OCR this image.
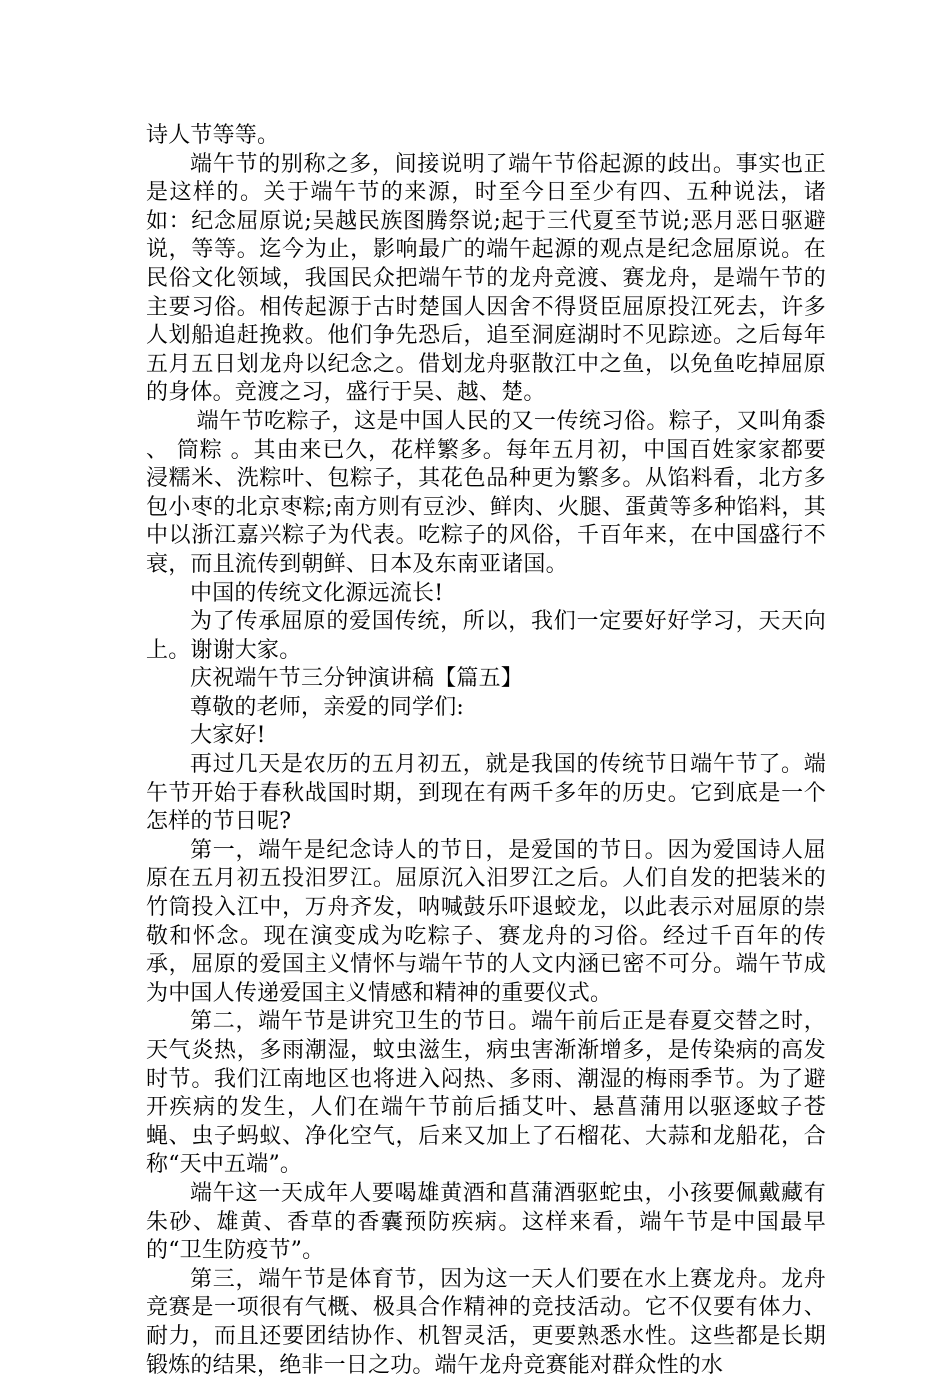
诗人节等等。

端午节的别称之多，间接说明了端午节俗起源的歧出。事实也正是这样的。关于端午节的来源，时至今日至少有四、五种说法，诸如：纪念屈原说;吴越民族图腾祭说;起于三代夏至节说;恶月恶日驱避说，等等。迄今为止，影响最广的端午起源的观点是纪念屈原说。在民俗文化领域，我国民众把端午节的龙舟竞渡、赛龙舟，是端午节的主要习俗。相传起源于古时楚国人因舍不得贤臣屈原投江死去，许多人划船追赶挽救。他们争先恐后，追至洞庭湖时不见踪迹。之后每年五月五日划龙舟以纪念之。借划龙舟驱散江中之鱼，以免鱼吃掉屈原的身体。竞渡之习，盛行于吴、越、楚。

端午节吃粽子，这是中国人民的又一传统习俗。粽子，又叫角黍 、 筒粽 。其由来已久，花样繁多。每年五月初，中国百姓家家都要浸糯米、洗粽叶、包粽子，其花色品种更为繁多。从馅料看，北方多包小枣的北京枣粽;南方则有豆沙、鲜肉、火腿、蛋黄等多种馅料，其中以浙江嘉兴粽子为代表。吃粽子的风俗，千百年来，在中国盛行不衰，而且流传到朝鲜、日本及东南亚诸国。

中国的传统文化源远流长!

为了传承屈原的爱国传统，所以，我们一定要好好学习，天天向上。谢谢大家。

庆祝端午节三分钟演讲稿【篇五】

尊敬的老师，亲爱的同学们:

大家好!

再过几天是农历的五月初五，就是我国的传统节日端午节了。端午节开始于春秋战国时期，到现在有两千多年的历史。它到底是一个怎样的节日呢?

第一，端午是纪念诗人的节日，是爱国的节日。因为爱国诗人屈原在五月初五投汨罗江。屈原沉入汨罗江之后。人们自发的把装米的竹筒投入江中，万舟齐发，呐喊鼓乐吓退蛟龙，以此表示对屈原的崇敬和怀念。现在演变成为吃粽子、赛龙舟的习俗。经过千百年的传承，屈原的爱国主义情怀与端午节的人文内涵已密不可分。端午节成为中国人传递爱国主义情感和精神的重要仪式。

第二，端午节是讲究卫生的节日。端午前后正是春夏交替之时，天气炎热，多雨潮湿，蚊虫滋生，病虫害渐渐增多，是传染病的高发时节。我们江南地区也将进入闷热、多雨、潮湿的梅雨季节。为了避开疾病的发生，人们在端午节前后插艾叶、悬菖蒲用以驱逐蚊子苍蝇、虫子蚂蚁、净化空气，后来又加上了石榴花、大蒜和龙船花，合称“天中五端”。

端午这一天成年人要喝雄黄酒和菖蒲酒驱蛇虫，小孩要佩戴藏有朱砂、雄黄、香草的香囊预防疾病。这样来看，端午节是中国最早的“卫生防疫节”。

第三，端午节是体育节，因为这一天人们要在水上赛龙舟。龙舟竞赛是一项很有气概、极具合作精神的竞技活动。它不仅要有体力、耐力，而且还要团结协作、机智灵活，更要熟悉水性。这些都是长期锻炼的结果，绝非一日之功。端午龙舟竞赛能对群众性的水
